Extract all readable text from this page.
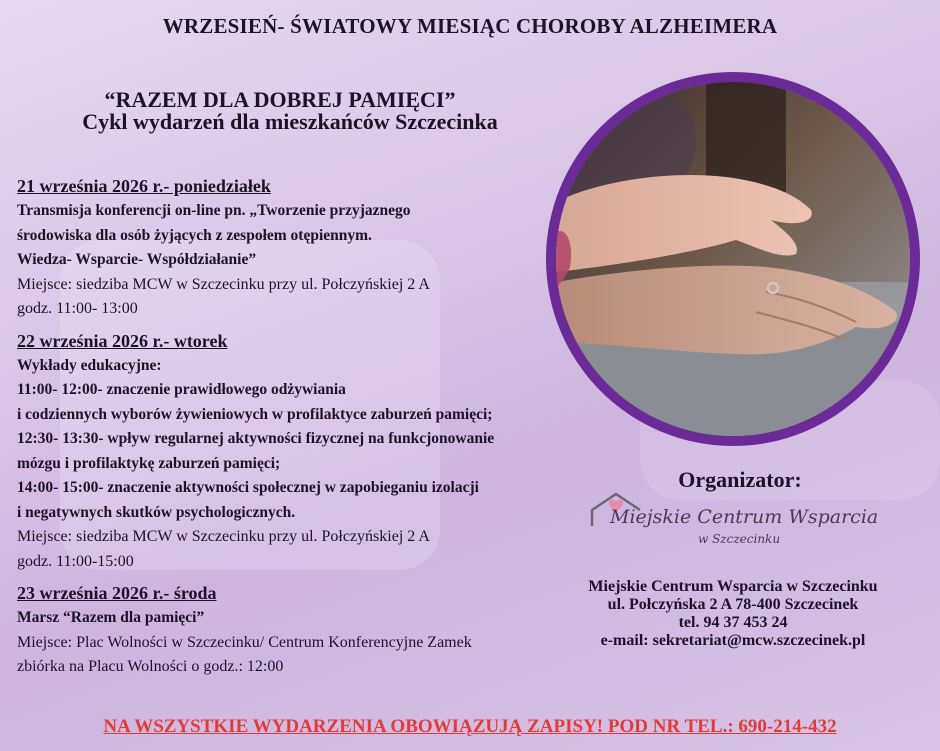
WRZESIEŃ- ŚWIATOWY MIESIĄC CHOROBY ALZHEIMERA
“RAZEM DLA DOBREJ PAMIĘCI”
Cykl wydarzeń dla mieszkańców Szczecinka
21 września 2026 r.- poniedziałek
Transmisja konferencji on-line pn. „Tworzenie przyjaznego
środowiska dla osób żyjących z zespołem otępiennym.
Wiedza- Wsparcie- Współdziałanie”
Miejsce: siedziba MCW w Szczecinku przy ul. Połczyńskiej 2 A
godz. 11:00- 13:00
22 września 2026 r.- wtorek
Wykłady edukacyjne:
11:00- 12:00- znaczenie prawidłowego odżywiania
i codziennych wyborów żywieniowych w profilaktyce zaburzeń pamięci;
12:30- 13:30- wpływ regularnej aktywności fizycznej na funkcjonowanie
mózgu i profilaktykę zaburzeń pamięci;
14:00- 15:00- znaczenie aktywności społecznej w zapobieganiu izolacji
i negatywnych skutków psychologicznych.
Miejsce: siedziba MCW w Szczecinku przy ul. Połczyńskiej 2 A
godz. 11:00-15:00
23 września 2026 r.- środa
Marsz “Razem dla pamięci”
Miejsce: Plac Wolności w Szczecinku/ Centrum Konferencyjne Zamek
zbiórka na Placu Wolności o godz.: 12:00
Organizator:
Miejskie Centrum Wsparcia
w Szczecinku
Miejskie Centrum Wsparcia w Szczecinku
ul. Połczyńska 2 A 78-400 Szczecinek
tel. 94 37 453 24
e-mail: sekretariat@mcw.szczecinek.pl
NA WSZYSTKIE WYDARZENIA OBOWIĄZUJĄ ZAPISY! POD NR TEL.: 690-214-432
